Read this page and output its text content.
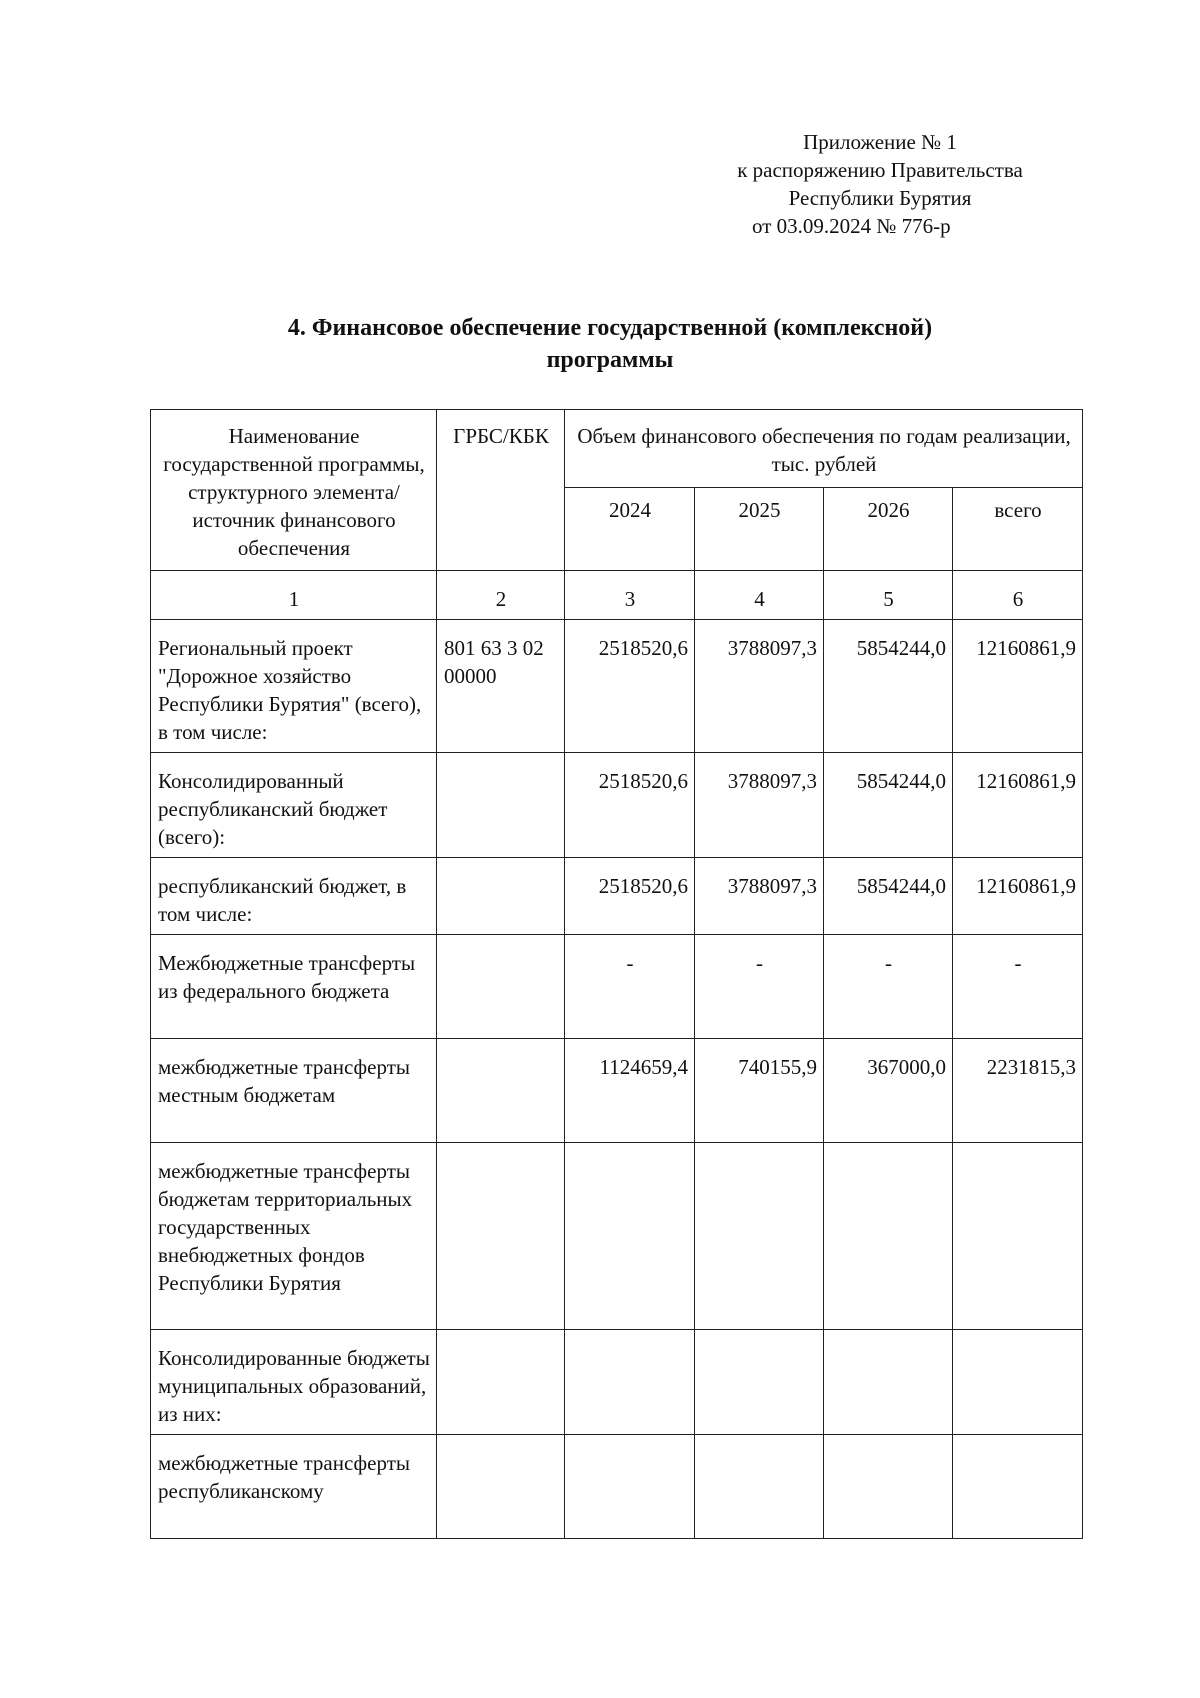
Приложение № 1
к распоряжению Правительства
Республики Бурятия
от 03.09.2024 № 776-р
4. Финансовое обеспечение государственной (комплексной)
программы
Наименование государственной программы, структурного элемента/источник финансового обеспечения	ГРБС/КБК	Объем финансового обеспечения по годам реализации, тыс. рублей			
		2024	2025	2026	всего
1	2	3	4	5	6
Региональный проект "Дорожное хозяйство Республики Бурятия" (всего), в том числе:	801 63 3 02 00000	2518520,6	3788097,3	5854244,0	12160861,9
Консолидированный республиканский бюджет (всего):		2518520,6	3788097,3	5854244,0	12160861,9
республиканский бюджет, в том числе:		2518520,6	3788097,3	5854244,0	12160861,9
Межбюджетные трансферты из федерального бюджета		-	-	-	-
межбюджетные трансферты местным бюджетам		1124659,4	740155,9	367000,0	2231815,3
межбюджетные трансферты бюджетам территориальных государственных внебюджетных фондов Республики Бурятия					
Консолидированные бюджеты муниципальных образований, из них:					
межбюджетные трансферты республиканскому					
